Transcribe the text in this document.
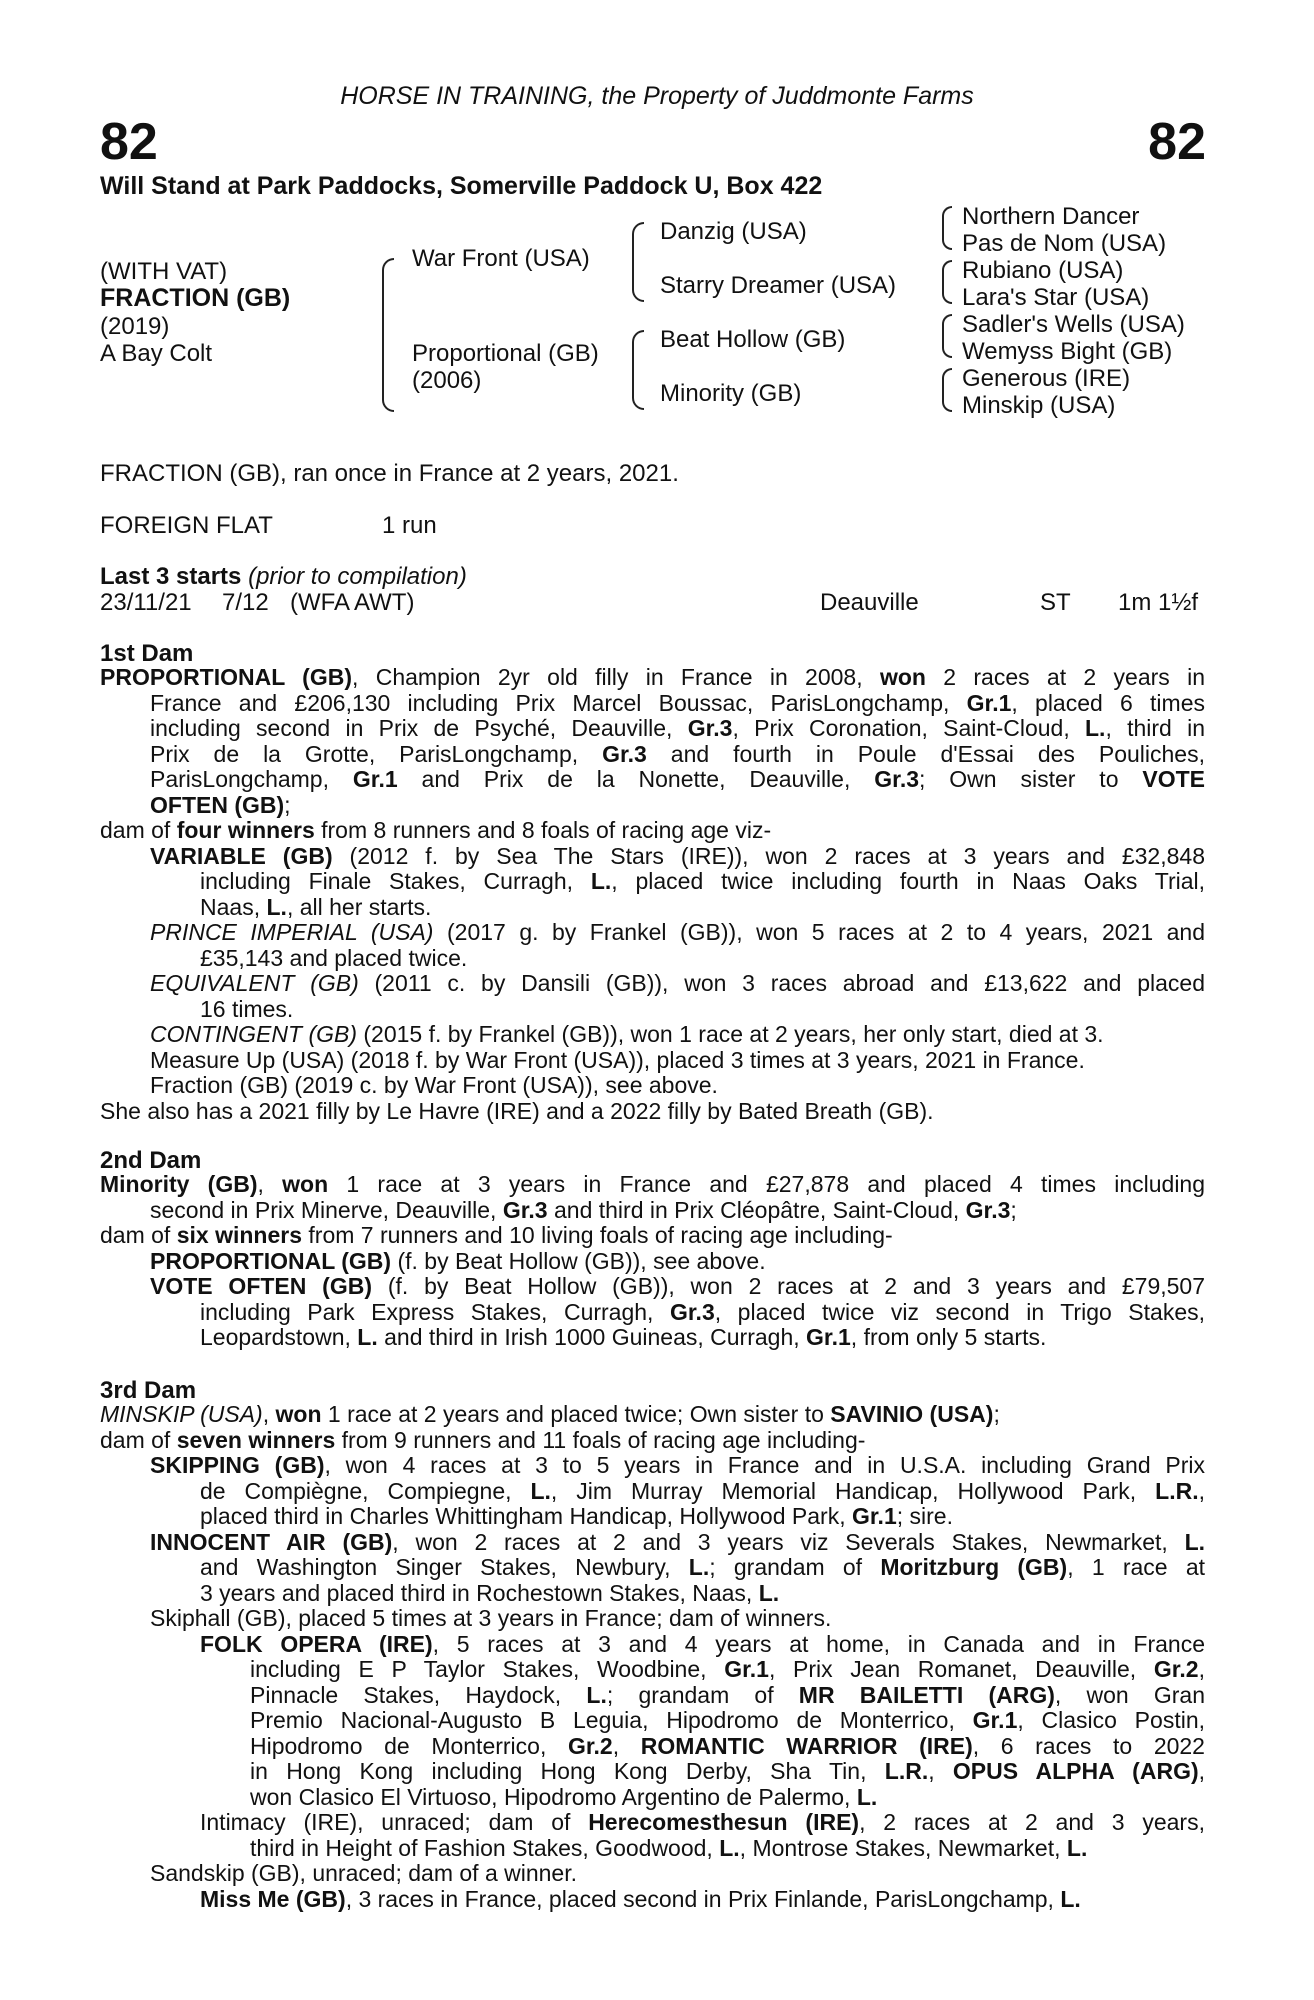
82	82
HORSE IN TRAINING, the Property of Juddmonte Farms
Will Stand at Park Paddocks, Somerville Paddock U, Box 422
(WITH VAT)
FRACTION (GB)
(2019)
A Bay Colt
War Front (USA)
Proportional (GB)
(2006)
Danzig (USA)
Starry Dreamer (USA)
Beat Hollow (GB)
Minority (GB)
Northern Dancer
Pas de Nom (USA)
Rubiano (USA)
Lara's Star (USA)
Sadler's Wells (USA)
Wemyss Bight (GB)
Generous (IRE)
Minskip (USA)
FRACTION (GB), ran once in France at 2 years, 2021.
FOREIGN FLAT	1 run
Last 3 starts (prior to compilation)
23/11/21 7/12 (WFA AWT)	Deauville	ST 1m 1½f
1st Dam
PROPORTIONAL (GB), Champion 2yr old filly in France in 2008, won 2 races at 2 years in
France and £206,130 including Prix Marcel Boussac, ParisLongchamp, Gr.1, placed 6 times
including second in Prix de Psyché, Deauville, Gr.3, Prix Coronation, Saint-Cloud, L., third in
Prix de la Grotte, ParisLongchamp, Gr.3 and fourth in Poule d'Essai des Pouliches,
ParisLongchamp, Gr.1 and Prix de la Nonette, Deauville, Gr.3; Own sister to VOTE
OFTEN (GB);
dam of four winners from 8 runners and 8 foals of racing age viz-
VARIABLE (GB) (2012 f. by Sea The Stars (IRE)), won 2 races at 3 years and £32,848
including Finale Stakes, Curragh, L., placed twice including fourth in Naas Oaks Trial,
Naas, L., all her starts.
PRINCE IMPERIAL (USA) (2017 g. by Frankel (GB)), won 5 races at 2 to 4 years, 2021 and
£35,143 and placed twice.
EQUIVALENT (GB) (2011 c. by Dansili (GB)), won 3 races abroad and £13,622 and placed
16 times.
CONTINGENT (GB) (2015 f. by Frankel (GB)), won 1 race at 2 years, her only start, died at 3.
Measure Up (USA) (2018 f. by War Front (USA)), placed 3 times at 3 years, 2021 in France.
Fraction (GB) (2019 c. by War Front (USA)), see above.
She also has a 2021 filly by Le Havre (IRE) and a 2022 filly by Bated Breath (GB).
2nd Dam
Minority (GB), won 1 race at 3 years in France and £27,878 and placed 4 times including
second in Prix Minerve, Deauville, Gr.3 and third in Prix Cléopâtre, Saint-Cloud, Gr.3;
dam of six winners from 7 runners and 10 living foals of racing age including-
PROPORTIONAL (GB) (f. by Beat Hollow (GB)), see above.
VOTE OFTEN (GB) (f. by Beat Hollow (GB)), won 2 races at 2 and 3 years and £79,507
including Park Express Stakes, Curragh, Gr.3, placed twice viz second in Trigo Stakes,
Leopardstown, L. and third in Irish 1000 Guineas, Curragh, Gr.1, from only 5 starts.
3rd Dam
MINSKIP (USA), won 1 race at 2 years and placed twice; Own sister to SAVINIO (USA);
dam of seven winners from 9 runners and 11 foals of racing age including-
SKIPPING (GB), won 4 races at 3 to 5 years in France and in U.S.A. including Grand Prix
de Compiègne, Compiegne, L., Jim Murray Memorial Handicap, Hollywood Park, L.R.,
placed third in Charles Whittingham Handicap, Hollywood Park, Gr.1; sire.
INNOCENT AIR (GB), won 2 races at 2 and 3 years viz Severals Stakes, Newmarket, L.
and Washington Singer Stakes, Newbury, L.; grandam of Moritzburg (GB), 1 race at
3 years and placed third in Rochestown Stakes, Naas, L.
Skiphall (GB), placed 5 times at 3 years in France; dam of winners.
FOLK OPERA (IRE), 5 races at 3 and 4 years at home, in Canada and in France
including E P Taylor Stakes, Woodbine, Gr.1, Prix Jean Romanet, Deauville, Gr.2,
Pinnacle Stakes, Haydock, L.; grandam of MR BAILETTI (ARG), won Gran
Premio Nacional-Augusto B Leguia, Hipodromo de Monterrico, Gr.1, Clasico Postin,
Hipodromo de Monterrico, Gr.2, ROMANTIC WARRIOR (IRE), 6 races to 2022
in Hong Kong including Hong Kong Derby, Sha Tin, L.R., OPUS ALPHA (ARG),
won Clasico El Virtuoso, Hipodromo Argentino de Palermo, L.
Intimacy (IRE), unraced; dam of Herecomesthesun (IRE), 2 races at 2 and 3 years,
third in Height of Fashion Stakes, Goodwood, L., Montrose Stakes, Newmarket, L.
Sandskip (GB), unraced; dam of a winner.
Miss Me (GB), 3 races in France, placed second in Prix Finlande, ParisLongchamp, L.
